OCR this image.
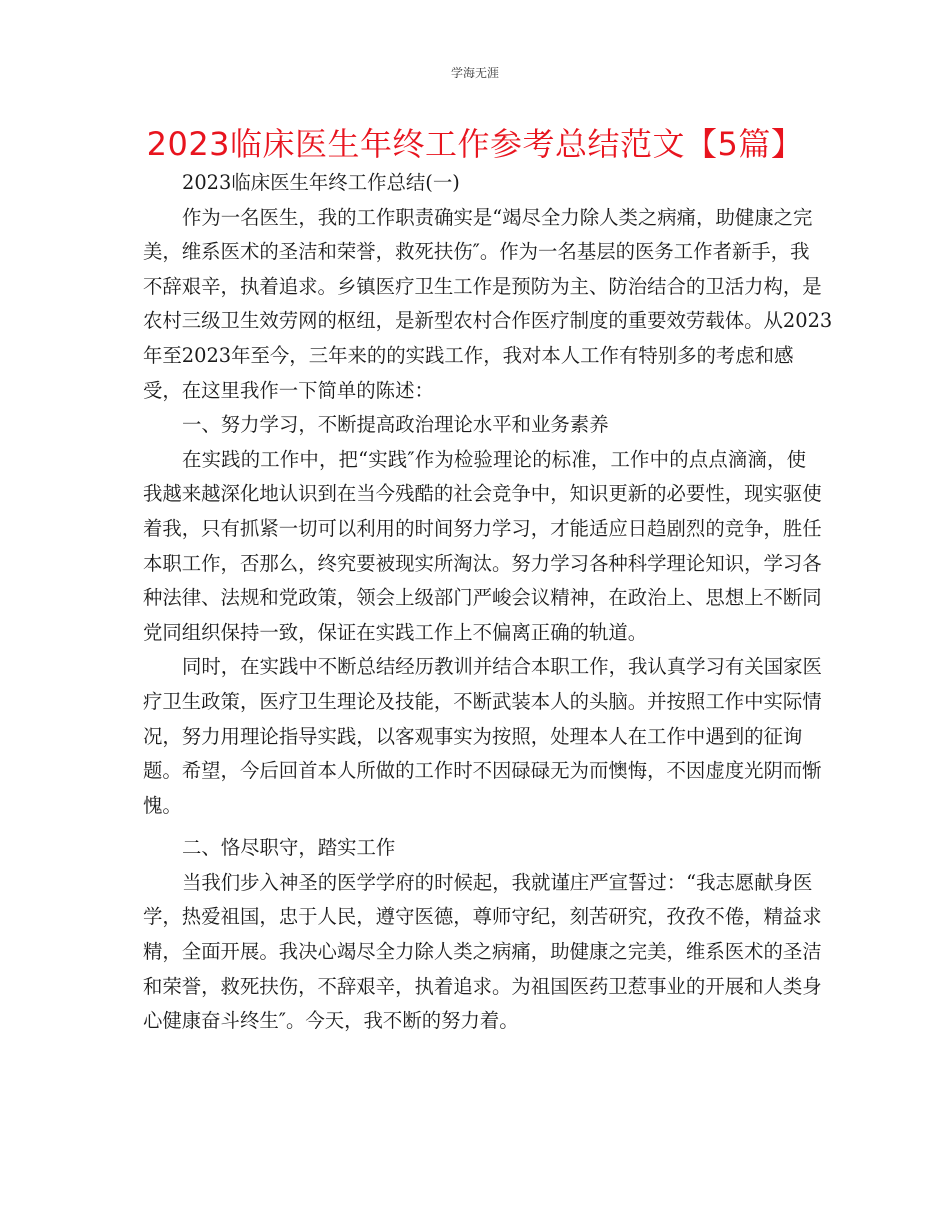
学海无涯
2023临床医生年终工作参考总结范文【5篇】
2023临床医生年终工作总结(一)
作为一名医生，我的工作职责确实是“竭尽全力除人类之病痛，助健康之完
美，维系医术的圣洁和荣誉，救死扶伤″。作为一名基层的医务工作者新手，我
不辞艰辛，执着追求。乡镇医疗卫生工作是预防为主、防治结合的卫活力构，是
农村三级卫生效劳网的枢纽，是新型农村合作医疗制度的重要效劳载体。从2023
年至2023年至今，三年来的的实践工作，我对本人工作有特别多的考虑和感
受，在这里我作一下简单的陈述：
一、努力学习，不断提高政治理论水平和业务素养
在实践的工作中，把“实践″作为检验理论的标准，工作中的点点滴滴，使
我越来越深化地认识到在当今残酷的社会竞争中，知识更新的必要性，现实驱使
着我，只有抓紧一切可以利用的时间努力学习，才能适应日趋剧烈的竞争，胜任
本职工作，否那么，终究要被现实所淘汰。努力学习各种科学理论知识，学习各
种法律、法规和党政策，领会上级部门严峻会议精神，在政治上、思想上不断同
党同组织保持一致，保证在实践工作上不偏离正确的轨道。
同时，在实践中不断总结经历教训并结合本职工作，我认真学习有关国家医
疗卫生政策，医疗卫生理论及技能，不断武装本人的头脑。并按照工作中实际情
况，努力用理论指导实践，以客观事实为按照，处理本人在工作中遇到的征询
题。希望，今后回首本人所做的工作时不因碌碌无为而懊悔，不因虚度光阴而惭
愧。
二、恪尽职守，踏实工作
当我们步入神圣的医学学府的时候起，我就谨庄严宣誓过：“我志愿献身医
学，热爱祖国，忠于人民，遵守医德，尊师守纪，刻苦研究，孜孜不倦，精益求
精，全面开展。我决心竭尽全力除人类之病痛，助健康之完美，维系医术的圣洁
和荣誉，救死扶伤，不辞艰辛，执着追求。为祖国医药卫惹事业的开展和人类身
心健康奋斗终生″。今天，我不断的努力着。
